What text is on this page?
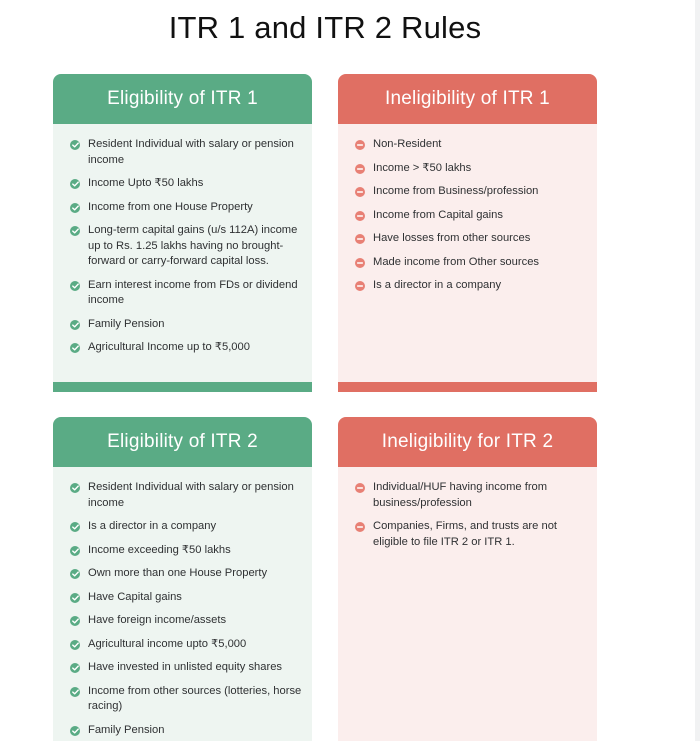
ITR 1 and ITR 2 Rules
Eligibility of ITR 1
Resident Individual with salary or pension income
Income Upto ₹50 lakhs
Income from one House Property
Long-term capital gains (u/s 112A) income up to Rs. 1.25 lakhs having no brought-forward or carry-forward capital loss.
Earn interest income from FDs or dividend income
Family Pension
Agricultural Income up to ₹5,000
Ineligibility of ITR 1
Non-Resident
Income > ₹50 lakhs
Income from Business/profession
Income from Capital gains
Have losses from other sources
Made income from Other sources
Is a director in a company
Eligibility of ITR 2
Resident Individual with salary or pension income
Is a director in a company
Income exceeding ₹50 lakhs
Own more than one House Property
Have Capital gains
Have foreign income/assets
Agricultural income upto ₹5,000
Have invested in unlisted equity shares
Income from other sources (lotteries, horse racing)
Family Pension
Ineligibility for ITR 2
Individual/HUF having income from business/profession
Companies, Firms, and trusts are not eligible to file ITR 2 or ITR 1.
